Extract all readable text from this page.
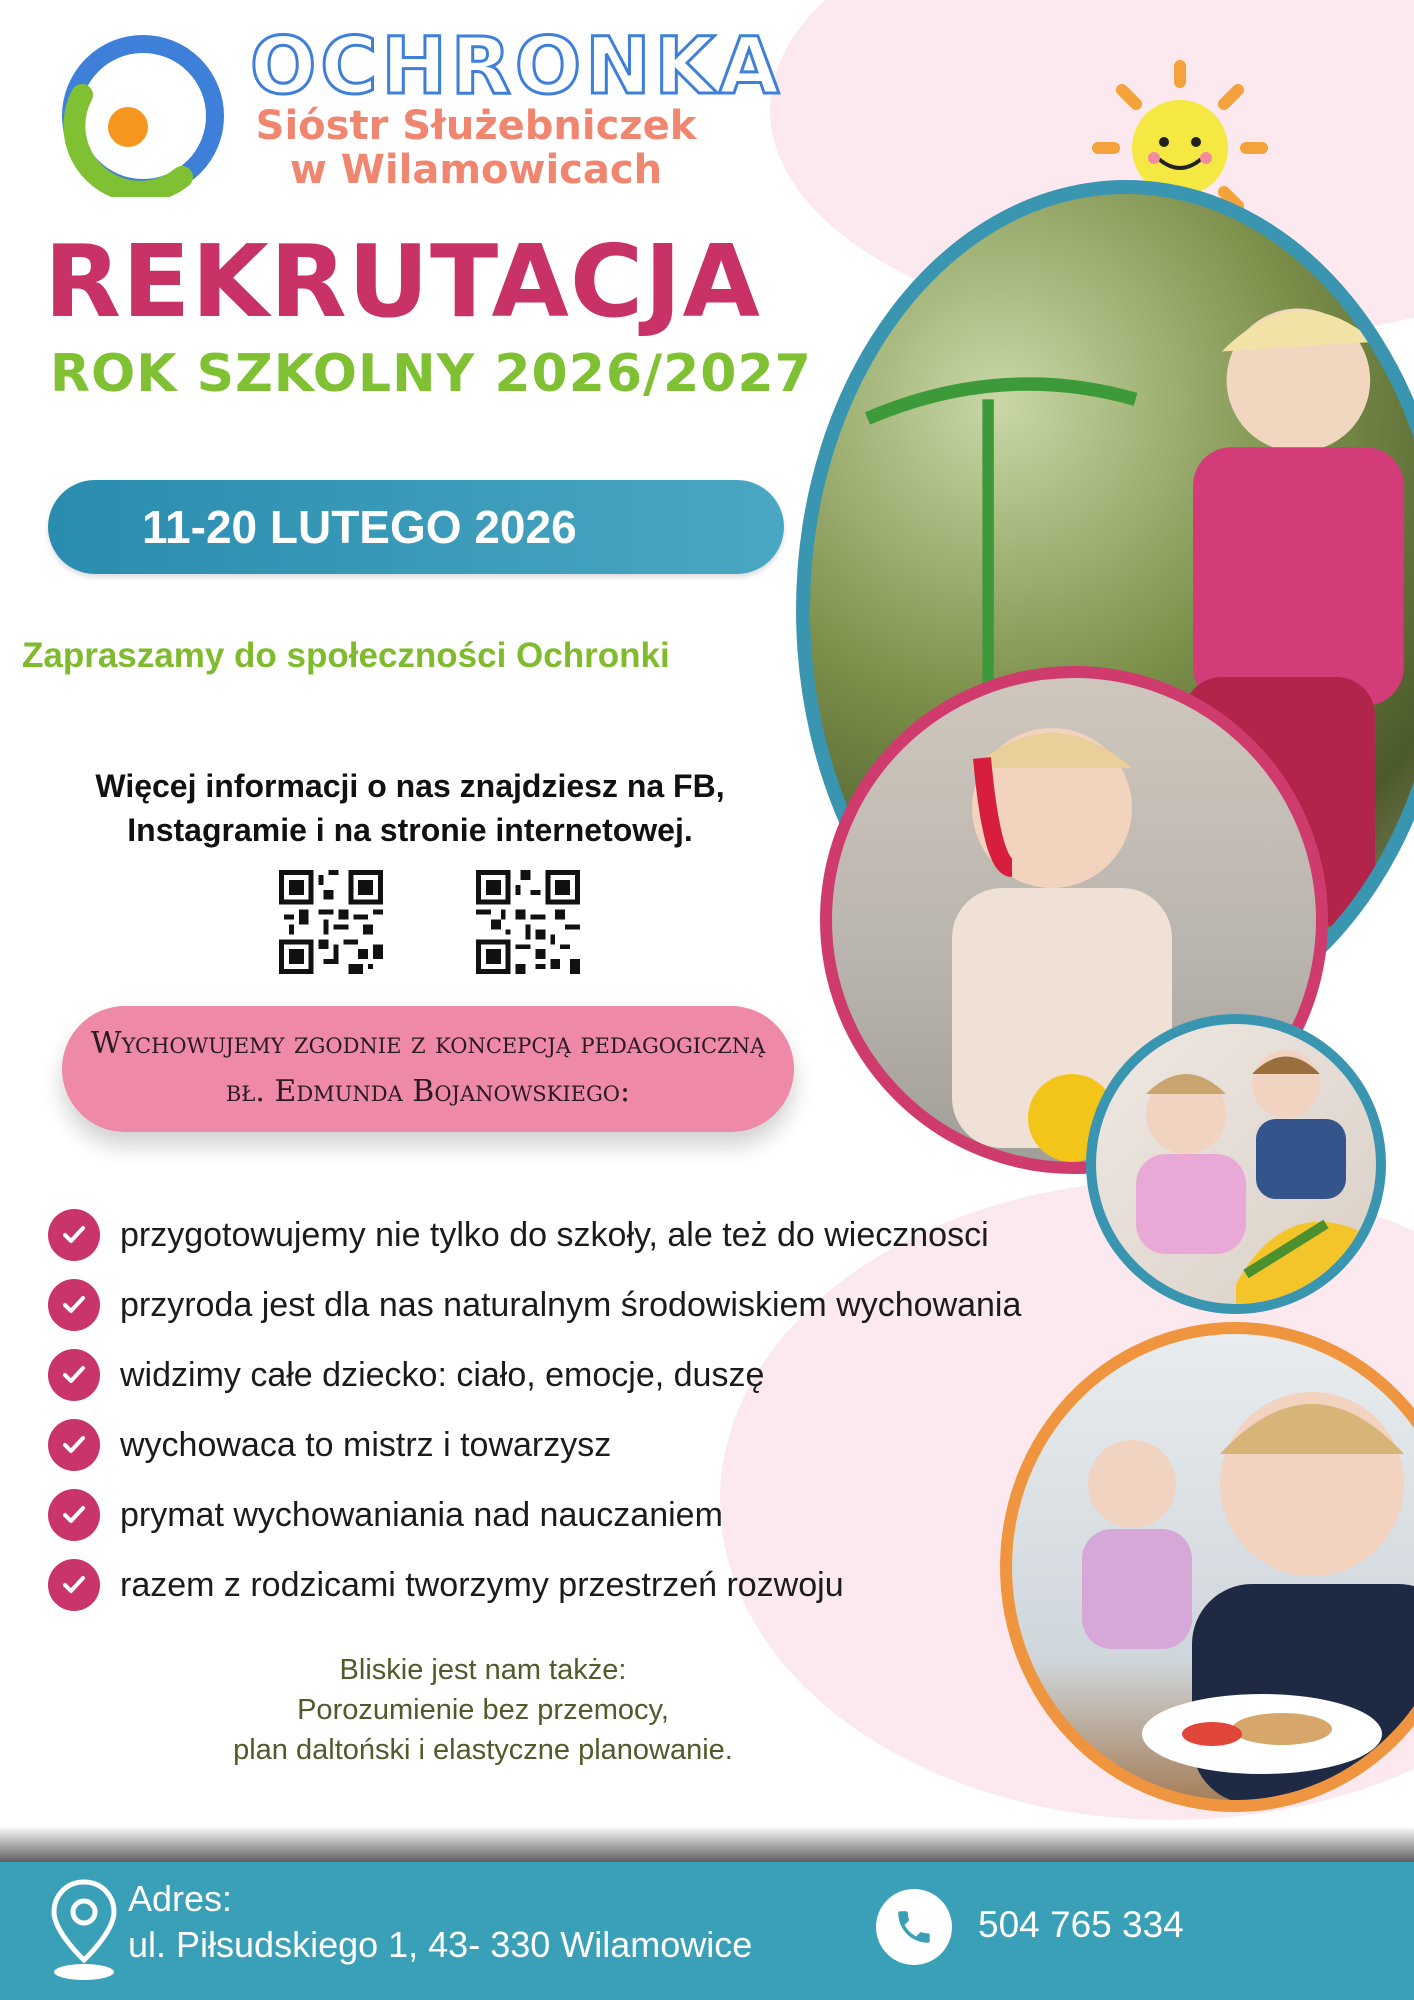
OCHRONKA
Siόstr Służebniczek
w Wilamowicach
REKRUTACJA
ROK SZKOLNY 2026/2027
11-20 LUTEGO 2026
Zapraszamy do społeczności Ochronki
Więcej informacji o nas znajdziesz na FB,
Instagramie i na stronie internetowej.
Wychowujemy zgodnie z koncepcją pedagogiczną
bł. Edmunda Bojanowskiego:
przygotowujemy nie tylko do szkoły, ale też do wiecznosci
przyroda jest dla nas naturalnym środowiskiem wychowania
widzimy całe dziecko: ciało, emocje, duszę
wychowaca to mistrz i towarzysz
prymat wychowaniania nad nauczaniem
razem z rodzicami tworzymy przestrzeń rozwoju
Bliskie jest nam także:
Porozumienie bez przemocy,
plan daltoński i elastyczne planowanie.
Adres:
ul. Piłsudskiego 1, 43- 330 Wilamowice	504 765 334
